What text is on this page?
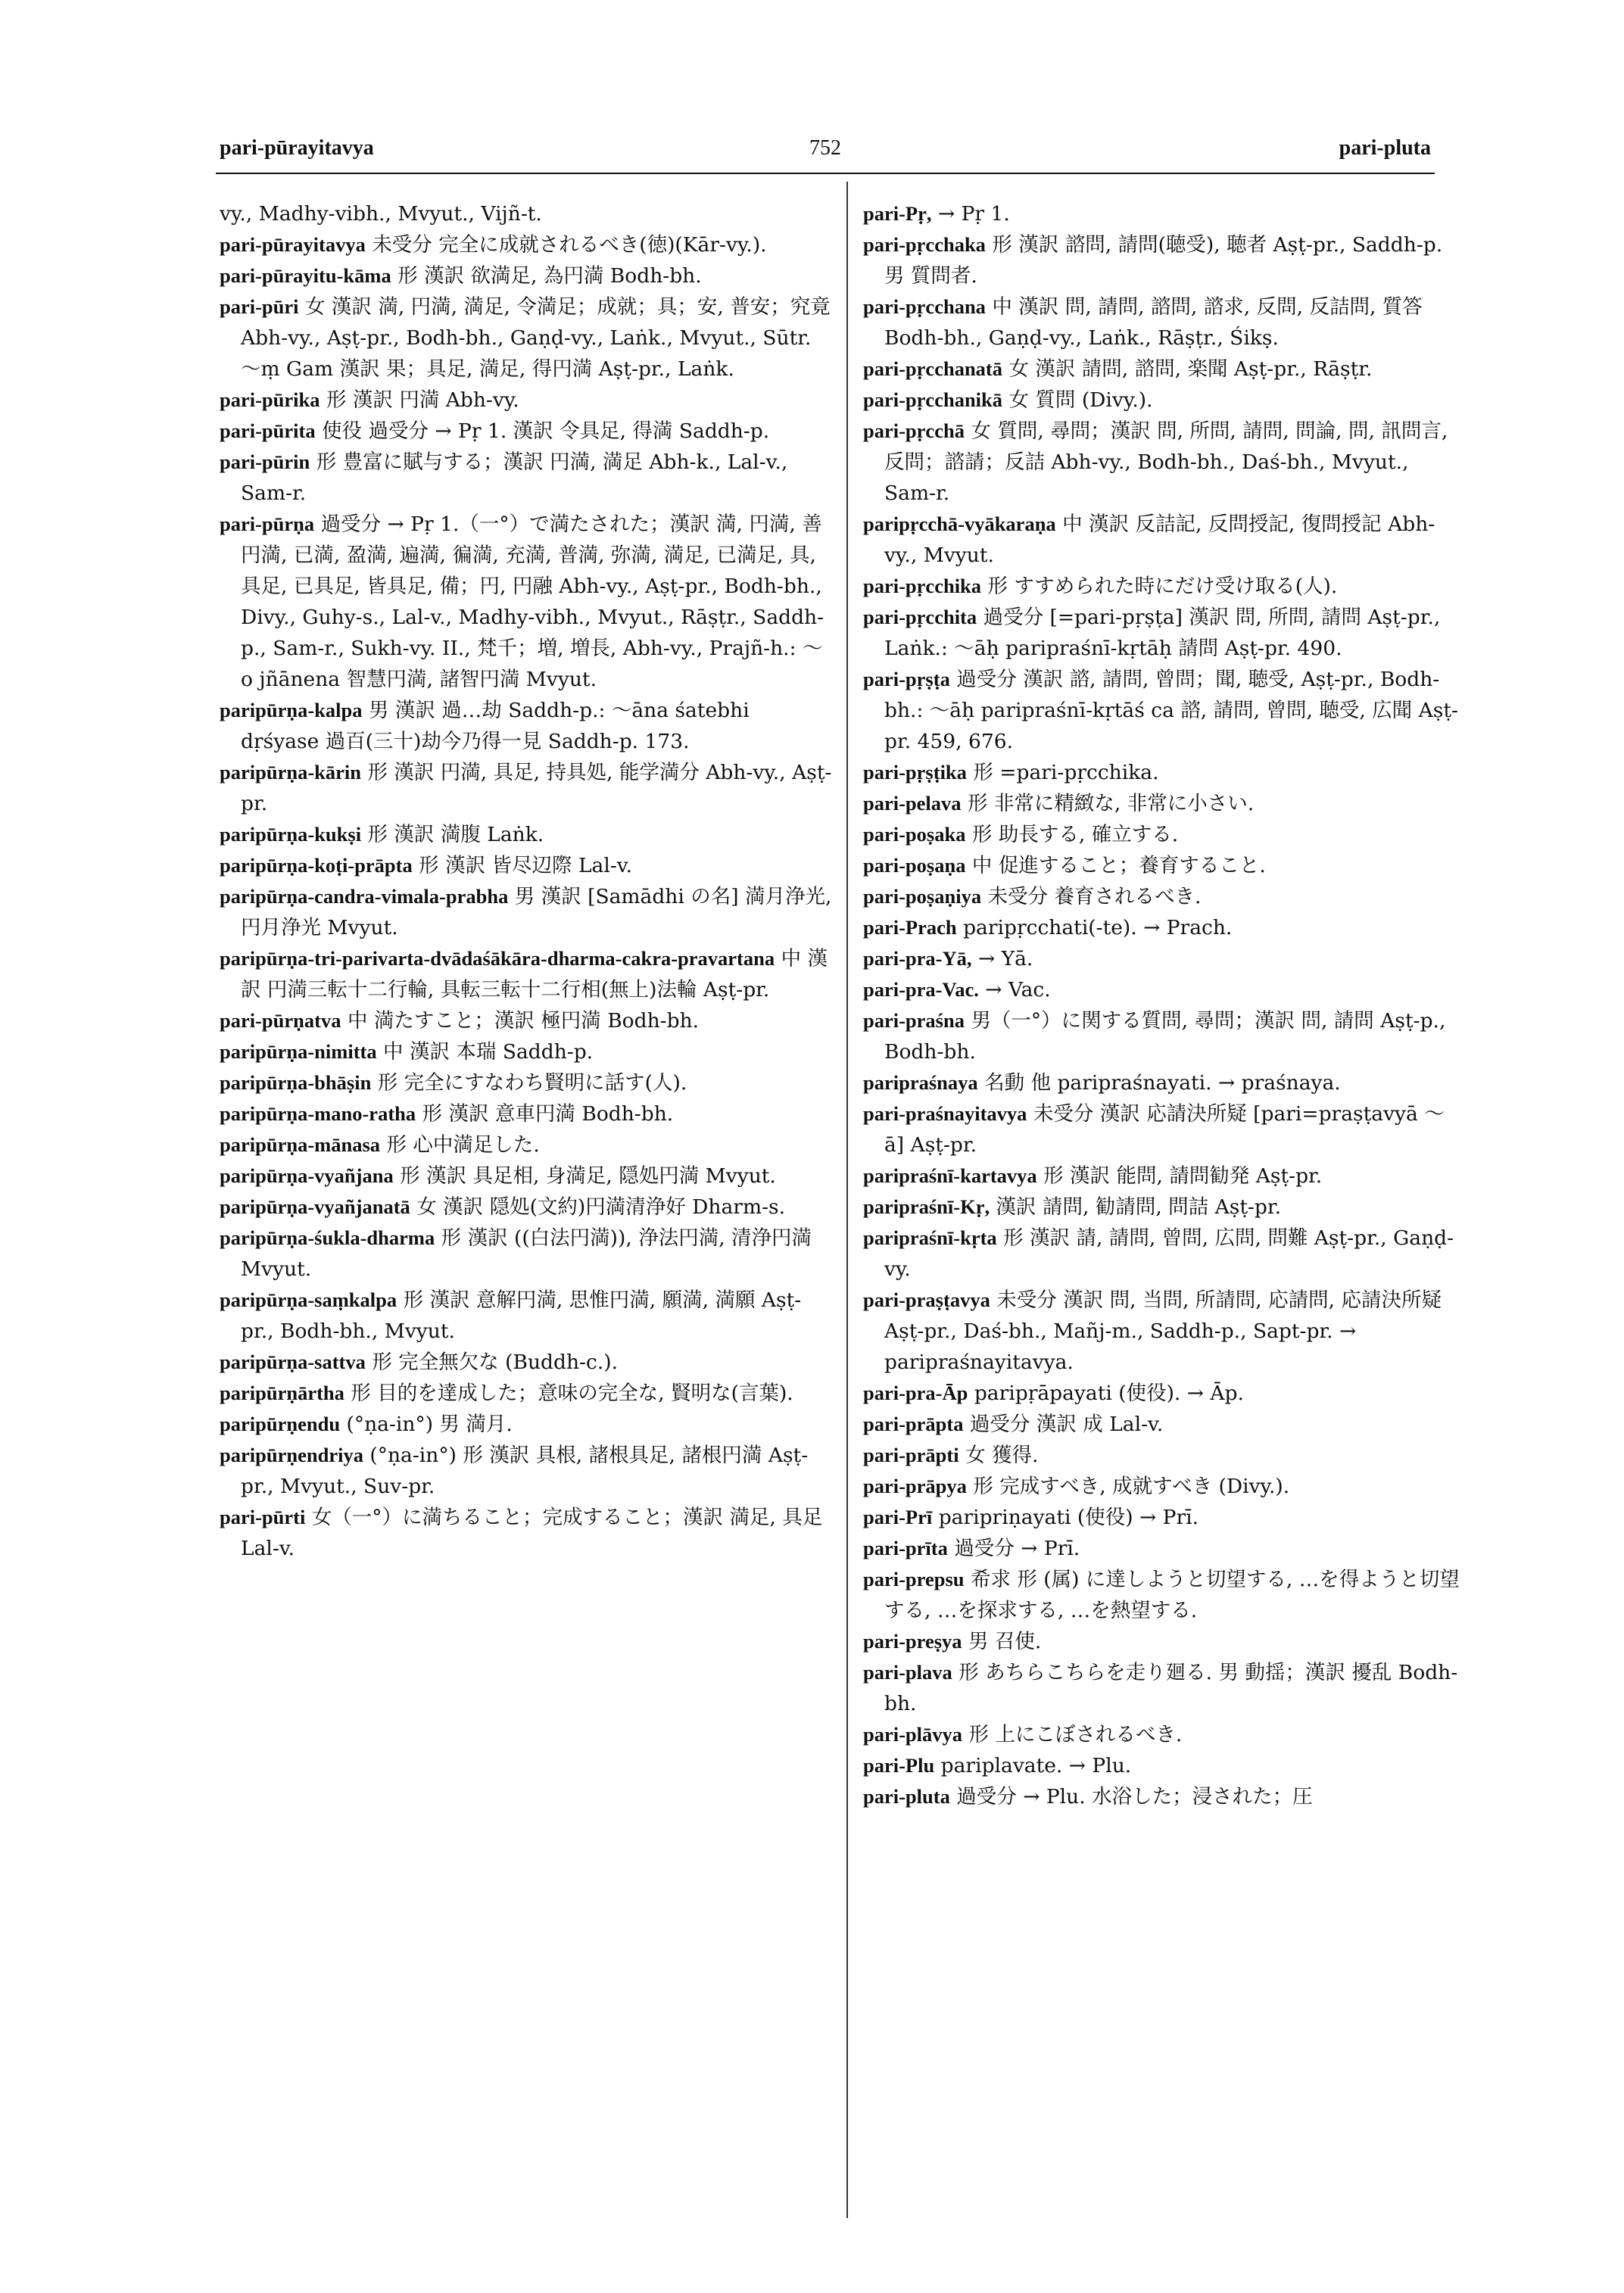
pari-pūrayitavya	752	pari-pluta

vy., Madhy-vibh., Mvyut., Vijñ-t.

pari-pūrayitavya 未受分 完全に成就されるべき(徳)(Kār-vy.).

pari-pūrayitu-kāma 形 漢訳 欲満足, 為円満 Bodh-bh.

pari-pūri 女 漢訳 満, 円満, 満足, 令満足；成就；具；安, 普安；究竟 Abh-vy., Aṣṭ-pr., Bodh-bh., Gaṇḍ-vy., Laṅk., Mvyut., Sūtr. ～ṃ Gam 漢訳 果；具足, 満足, 得円満 Aṣṭ-pr., Laṅk.

pari-pūrika 形 漢訳 円満 Abh-vy.

pari-pūrita 使役 過受分 → Pṛ 1. 漢訳 令具足, 得満 Saddh-p.

pari-pūrin 形 豊富に賦与する；漢訳 円満, 満足 Abh-k., Lal-v., Sam-r.

pari-pūrṇa 過受分 → Pṛ 1.（一°）で満たされた；漢訳 満, 円満, 善円満, 已満, 盈満, 遍満, 徧満, 充満, 普満, 弥満, 満足, 已満足, 具, 具足, 已具足, 皆具足, 備；円, 円融 Abh-vy., Aṣṭ-pr., Bodh-bh., Divy., Guhy-s., Lal-v., Madhy-vibh., Mvyut., Rāṣṭr., Saddh-p., Sam-r., Sukh-vy. II., 梵千；増, 増長, Abh-vy., Prajñ-h.: ～o jñānena 智慧円満, 諸智円満 Mvyut.

paripūrṇa-kalpa 男 漢訳 過…劫 Saddh-p.: ～āna śatebhi dṛśyase 過百(三十)劫今乃得一見 Saddh-p. 173.

paripūrṇa-kārin 形 漢訳 円満, 具足, 持具処, 能学満分 Abh-vy., Aṣṭ-pr.

paripūrṇa-kukṣi 形 漢訳 満腹 Laṅk.

paripūrṇa-koṭi-prāpta 形 漢訳 皆尽辺際 Lal-v.

paripūrṇa-candra-vimala-prabha 男 漢訳 [Samādhi の名] 満月浄光, 円月浄光 Mvyut.

paripūrṇa-tri-parivarta-dvādaśākāra-dharma-cakra-pravartana 中 漢訳 円満三転十二行輪, 具転三転十二行相(無上)法輪 Aṣṭ-pr.

pari-pūrṇatva 中 満たすこと；漢訳 極円満 Bodh-bh.

paripūrṇa-nimitta 中 漢訳 本瑞 Saddh-p.

paripūrṇa-bhāṣin 形 完全にすなわち賢明に話す(人).

paripūrṇa-mano-ratha 形 漢訳 意車円満 Bodh-bh.

paripūrṇa-mānasa 形 心中満足した.

paripūrṇa-vyañjana 形 漢訳 具足相, 身満足, 隠処円満 Mvyut.

paripūrṇa-vyañjanatā 女 漢訳 隠処(文約)円満清浄好 Dharm-s.

paripūrṇa-śukla-dharma 形 漢訳 ((白法円満)), 浄法円満, 清浄円満 Mvyut.

paripūrṇa-saṃkalpa 形 漢訳 意解円満, 思惟円満, 願満, 満願 Aṣṭ-pr., Bodh-bh., Mvyut.

paripūrṇa-sattva 形 完全無欠な (Buddh-c.).

paripūrṇārtha 形 目的を達成した；意味の完全な, 賢明な(言葉).

paripūrṇendu (°ṇa-in°) 男 満月.

paripūrṇendriya (°ṇa-in°) 形 漢訳 具根, 諸根具足, 諸根円満 Aṣṭ-pr., Mvyut., Suv-pr.

pari-pūrti 女（一°）に満ちること；完成すること；漢訳 満足, 具足 Lal-v.

pari-Pṛ, → Pṛ 1.

pari-pṛcchaka 形 漢訳 諮問, 請問(聴受), 聴者 Aṣṭ-pr., Saddh-p. 男 質問者.

pari-pṛcchana 中 漢訳 問, 請問, 諮問, 諮求, 反問, 反詰問, 質答 Bodh-bh., Gaṇḍ-vy., Laṅk., Rāṣṭr., Śikṣ.

pari-pṛcchanatā 女 漢訳 請問, 諮問, 楽聞 Aṣṭ-pr., Rāṣṭr.

pari-pṛcchanikā 女 質問 (Divy.).

pari-pṛcchā 女 質問, 尋問；漢訳 問, 所問, 請問, 問論, 問, 訊問言, 反問；諮請；反詰 Abh-vy., Bodh-bh., Daś-bh., Mvyut., Sam-r.

paripṛcchā-vyākaraṇa 中 漢訳 反詰記, 反問授記, 復問授記 Abh-vy., Mvyut.

pari-pṛcchika 形 すすめられた時にだけ受け取る(人).

pari-pṛcchita 過受分 [=pari-pṛṣṭa] 漢訳 問, 所問, 請問 Aṣṭ-pr., Laṅk.: ～āḥ paripraśnī-kṛtāḥ 請問 Aṣṭ-pr. 490.

pari-pṛṣṭa 過受分 漢訳 諮, 請問, 曾問；聞, 聴受, Aṣṭ-pr., Bodh-bh.: ～āḥ paripraśnī-kṛtāś ca 諮, 請問, 曾問, 聴受, 広聞 Aṣṭ-pr. 459, 676.

pari-pṛṣṭika 形 =pari-pṛcchika.

pari-pelava 形 非常に精緻な, 非常に小さい.

pari-poṣaka 形 助長する, 確立する.

pari-poṣaṇa 中 促進すること；養育すること.

pari-poṣaṇiya 未受分 養育されるべき.

pari-Prach paripṛcchati(-te). → Prach.

pari-pra-Yā, → Yā.

pari-pra-Vac. → Vac.

pari-praśna 男（一°）に関する質問, 尋問；漢訳 問, 請問 Aṣṭ-p., Bodh-bh.

paripraśnaya 名動 他 paripraśnayati. → praśnaya.

pari-praśnayitavya 未受分 漢訳 応請決所疑 [pari=praṣṭavyā ～ā] Aṣṭ-pr.

paripraśnī-kartavya 形 漢訳 能問, 請問勧発 Aṣṭ-pr.

paripraśnī-Kṛ, 漢訳 請問, 勧請問, 問詰 Aṣṭ-pr.

paripraśnī-kṛta 形 漢訳 請, 請問, 曾問, 広問, 問難 Aṣṭ-pr., Gaṇḍ-vy.

pari-praṣṭavya 未受分 漢訳 問, 当問, 所請問, 応請問, 応請決所疑 Aṣṭ-pr., Daś-bh., Mañj-m., Saddh-p., Sapt-pr. → paripraśnayitavya.

pari-pra-Āp paripṛāpayati (使役). → Āp.

pari-prāpta 過受分 漢訳 成 Lal-v.

pari-prāpti 女 獲得.

pari-prāpya 形 完成すべき, 成就すべき (Divy.).

pari-Prī paripriṇayati (使役) → Prī.

pari-prīta 過受分 → Prī.

pari-prepsu 希求 形 (属) に達しようと切望する, …を得ようと切望する, …を探求する, …を熱望する.

pari-preṣya 男 召使.

pari-plava 形 あちらこちらを走り廻る. 男 動揺；漢訳 擾乱 Bodh-bh.

pari-plāvya 形 上にこぼされるべき.

pari-Plu pariplavate. → Plu.

pari-pluta 過受分 → Plu. 水浴した；浸された；圧
